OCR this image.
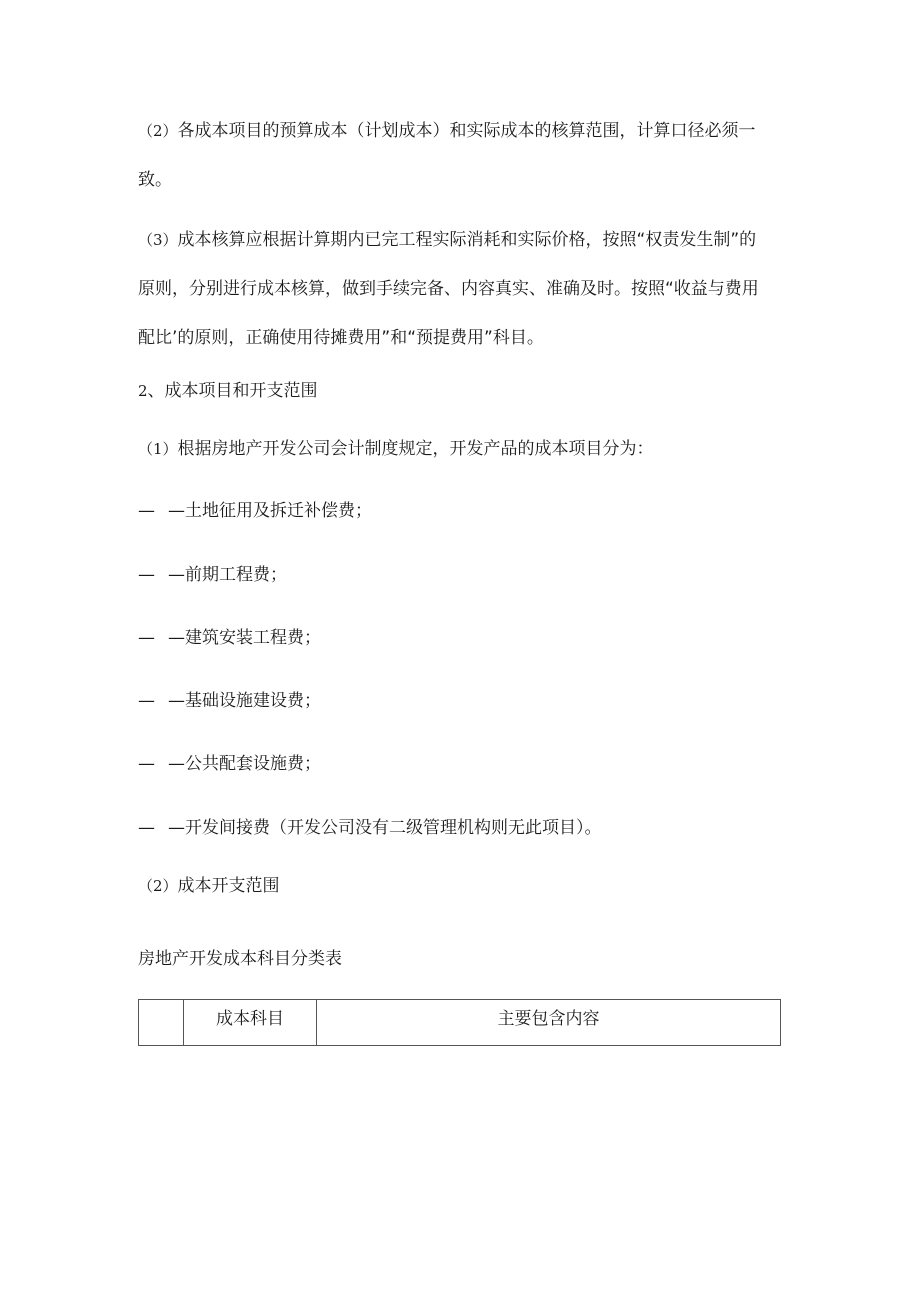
（2）各成本项目的预算成本（计划成本）和实际成本的核算范围，计算口径必须一
致。
（3）成本核算应根据计算期内已完工程实际消耗和实际价格，按照“权责发生制”的
原则，分别进行成本核算，做到手续完备、内容真实、准确及时。按照“收益与费用
配比’的原则，正确使用待摊费用”和“预提费用”科目。
2、成本项目和开支范围
（1）根据房地产开发公司会计制度规定，开发产品的成本项目分为：
— —土地征用及拆迁补偿费；
— —前期工程费；
— —建筑安装工程费；
— —基础设施建设费；
— —公共配套设施费；
— —开发间接费（开发公司没有二级管理机构则无此项目）。
（2）成本开支范围
房地产开发成本科目分类表
	成本科目	主要包含内容
